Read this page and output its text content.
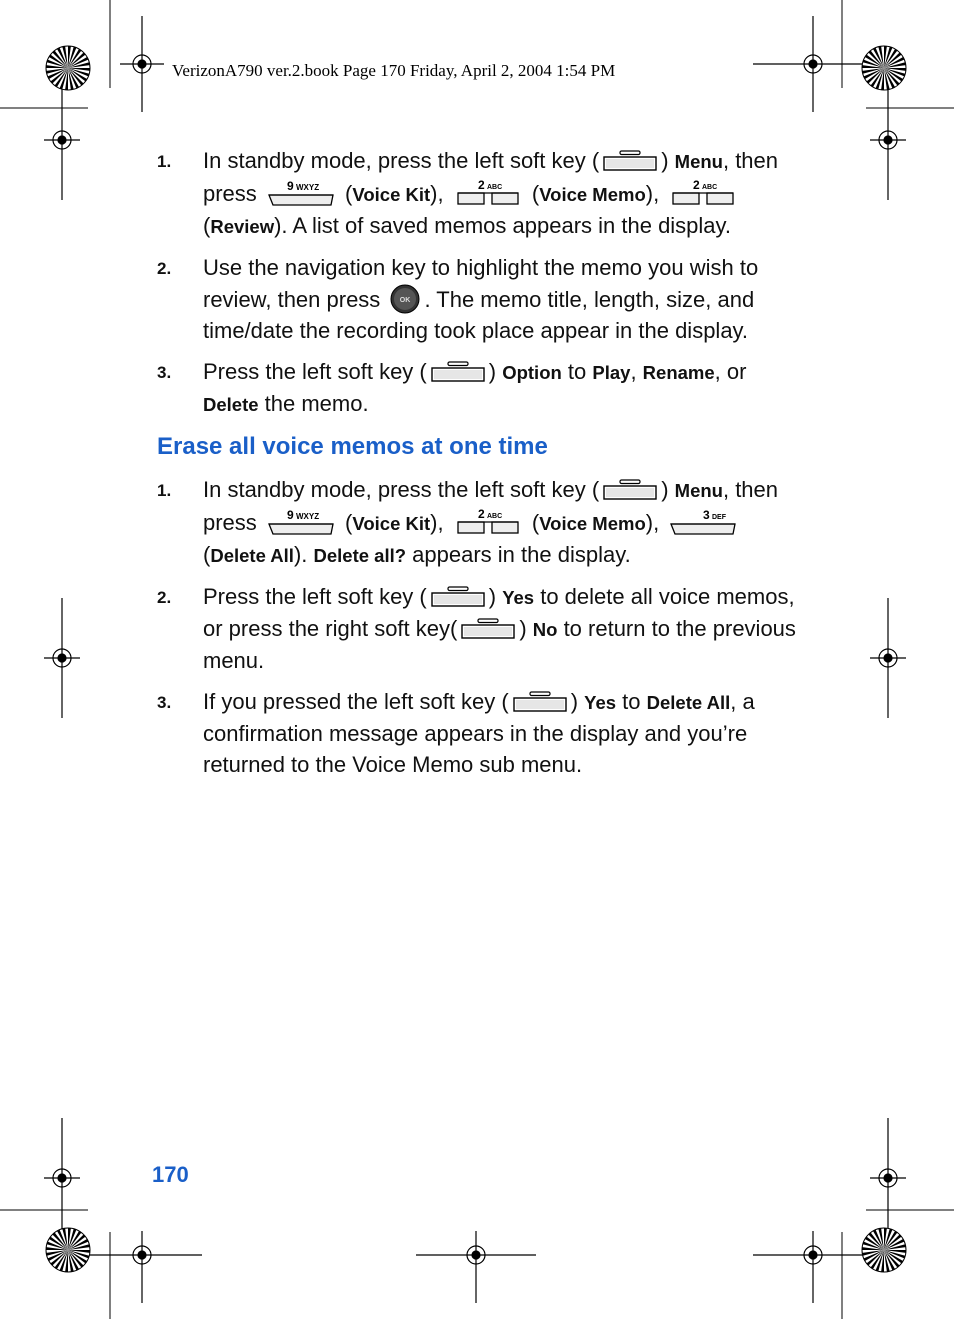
VerizonA790 ver.2.book Page 170 Friday, April 2, 2004 1:54 PM
1. In standby mode, press the left soft key (	) Menu, then press 9 WXYZ (Voice Kit), 2 ABC (Voice Memo), 2 ABC
(Review). A list of saved memos appears in the display.
2. Use the navigation key to highlight the memo you wish to review, then press OK . The memo title, length, size, and time/date the recording took place appear in the display.
3. Press the left soft key (	) Option to Play, Rename, or Delete the memo.
Erase all voice memos at one time
1. In standby mode, press the left soft key (	) Menu, then press 9 WXYZ (Voice Kit), 2 ABC (Voice Memo),	3 DEF
(Delete All). Delete all? appears in the display.
2. Press the left soft key (	) Yes to delete all voice memos, or press the right soft key(	) No to return to the previous menu.
3. If you pressed the left soft key (	) Yes to Delete All, a confirmation message appears in the display and you’re returned to the Voice Memo sub menu.
170
